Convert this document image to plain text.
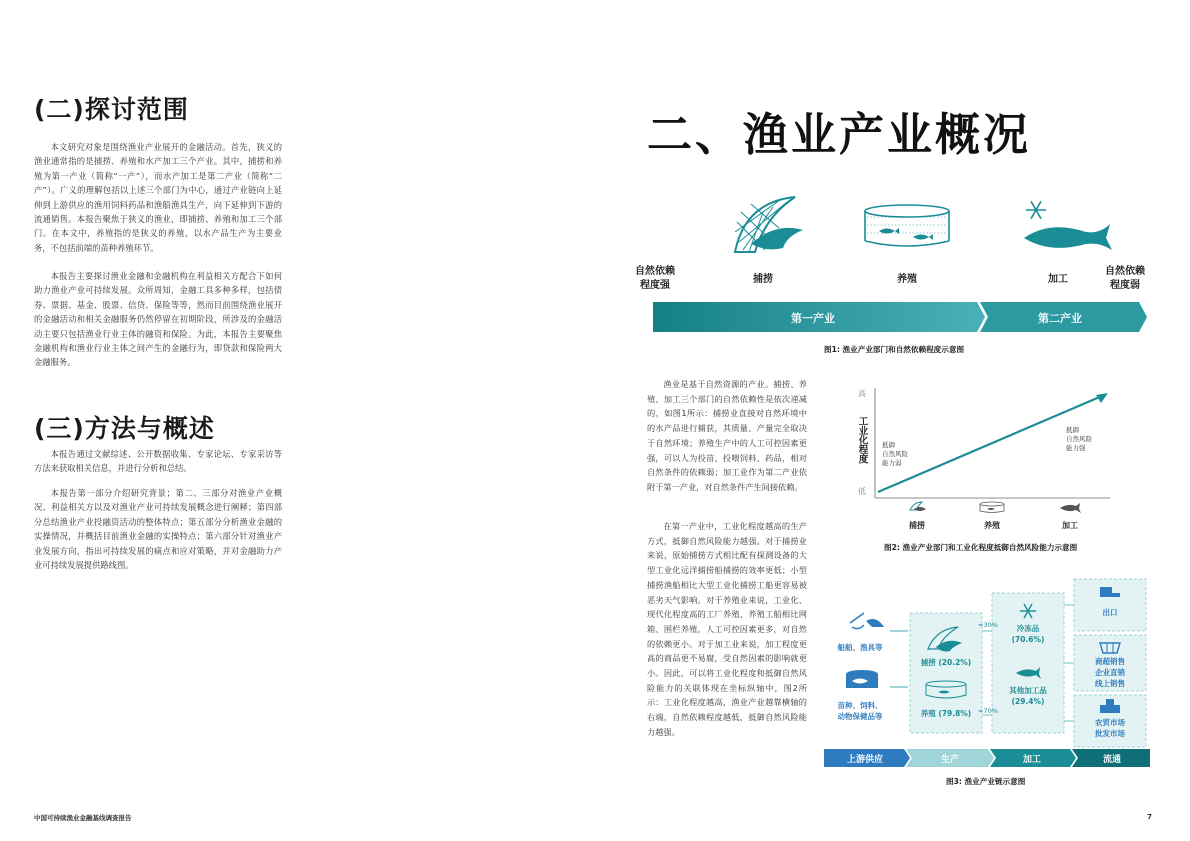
(二)探讨范围
本文研究对象是围绕渔业产业展开的金融活动。首先，狭义的渔业通常指的是捕捞、养殖和水产加工三个产业。其中，捕捞和养殖为第一产业（简称“一产”），而水产加工是第二产业（简称“二产”）。广义的理解包括以上述三个部门为中心，通过产业链向上延伸到上游供应的渔用饲料药品和渔船渔具生产，向下延伸到下游的流通销售。本报告聚焦于狭义的渔业，即捕捞、养殖和加工三个部门。在本文中，养殖指的是狭义的养殖，以水产品生产为主要业务，不包括前端的苗种养殖环节。
本报告主要探讨渔业金融和金融机构在利益相关方配合下如何助力渔业产业可持续发展。众所周知，金融工具多种多样，包括债券、票据、基金、股票、信贷、保险等等，然而目前围绕渔业展开的金融活动和相关金融服务仍然停留在初期阶段，所涉及的金融活动主要只包括渔业行业主体的融资和保险。为此，本报告主要聚焦金融机构和渔业行业主体之间产生的金融行为，即贷款和保险两大金融服务。
(三)方法与概述
本报告通过文献综述、公开数据收集、专家论坛、专家采访等方法来获取相关信息，并进行分析和总结。
本报告第一部分介绍研究背景；第二、三部分对渔业产业概况、利益相关方以及对渔业产业可持续发展概念进行阐释；第四部分总结渔业产业投融资活动的整体特点；第五部分分析渔业金融的实操情况，并概括目前渔业金融的实操特点；第六部分针对渔业产业发展方向，指出可持续发展的痛点和应对策略，并对金融助力产业可持续发展提供路线图。
中国可持续渔业金融基线调查报告
二、渔业产业概况
自然依赖
程度强
捕捞	养殖	加工
自然依赖
程度弱
第一产业	第二产业
图1: 渔业产业部门和自然依赖程度示意图
渔业是基于自然资源的产业。捕捞、养殖、加工三个部门的自然依赖性是依次递减的，如图1所示：捕捞业直接对自然环境中的水产品进行捕获，其质量、产量完全取决于自然环境；养殖生产中的人工可控因素更强，可以人为投苗、投喂饲料、药品，相对自然条件的依赖弱；加工业作为第二产业依附于第一产业，对自然条件产生间接依赖。
在第一产业中，工业化程度越高的生产方式，抵御自然风险能力越强。对于捕捞业来说，原始捕捞方式相比配有探测设备的大型工业化远洋捕捞船捕捞的效率更低；小型捕捞渔船相比大型工业化捕捞工船更容易被恶劣天气影响。对于养殖业来说，工业化、现代化程度高的工厂养殖、养殖工船相比网箱、围栏养殖，人工可控因素更多，对自然的依赖更小。对于加工业来说，加工程度更高的商品更不易腐，受自然因素的影响就更小。因此，可以将工业化程度和抵御自然风险能力的关联体现在坐标纵轴中，图2所示：工业化程度越高，渔业产业越靠横轴的右端，自然依赖程度越低，抵御自然风险能力越强。
高
低
工业化程度 抵御
自然风险
能力弱
抵御
自然风险
能力强
捕捞	养殖	加工
图2: 渔业产业部门和工业化程度抵御自然风险能力示意图
船舶、渔具等
苗种、饲料、
动物保健品等
捕捞 (20.2%)
养殖 (79.8%)
≈30%
≈70%
冷冻品
(70.6%)
其他加工品
(29.4%)
出口
商超销售
企业直销
线上销售
农贸市场
批发市场
上游供应	生产	加工	流通
图3: 渔业产业链示意图
7
